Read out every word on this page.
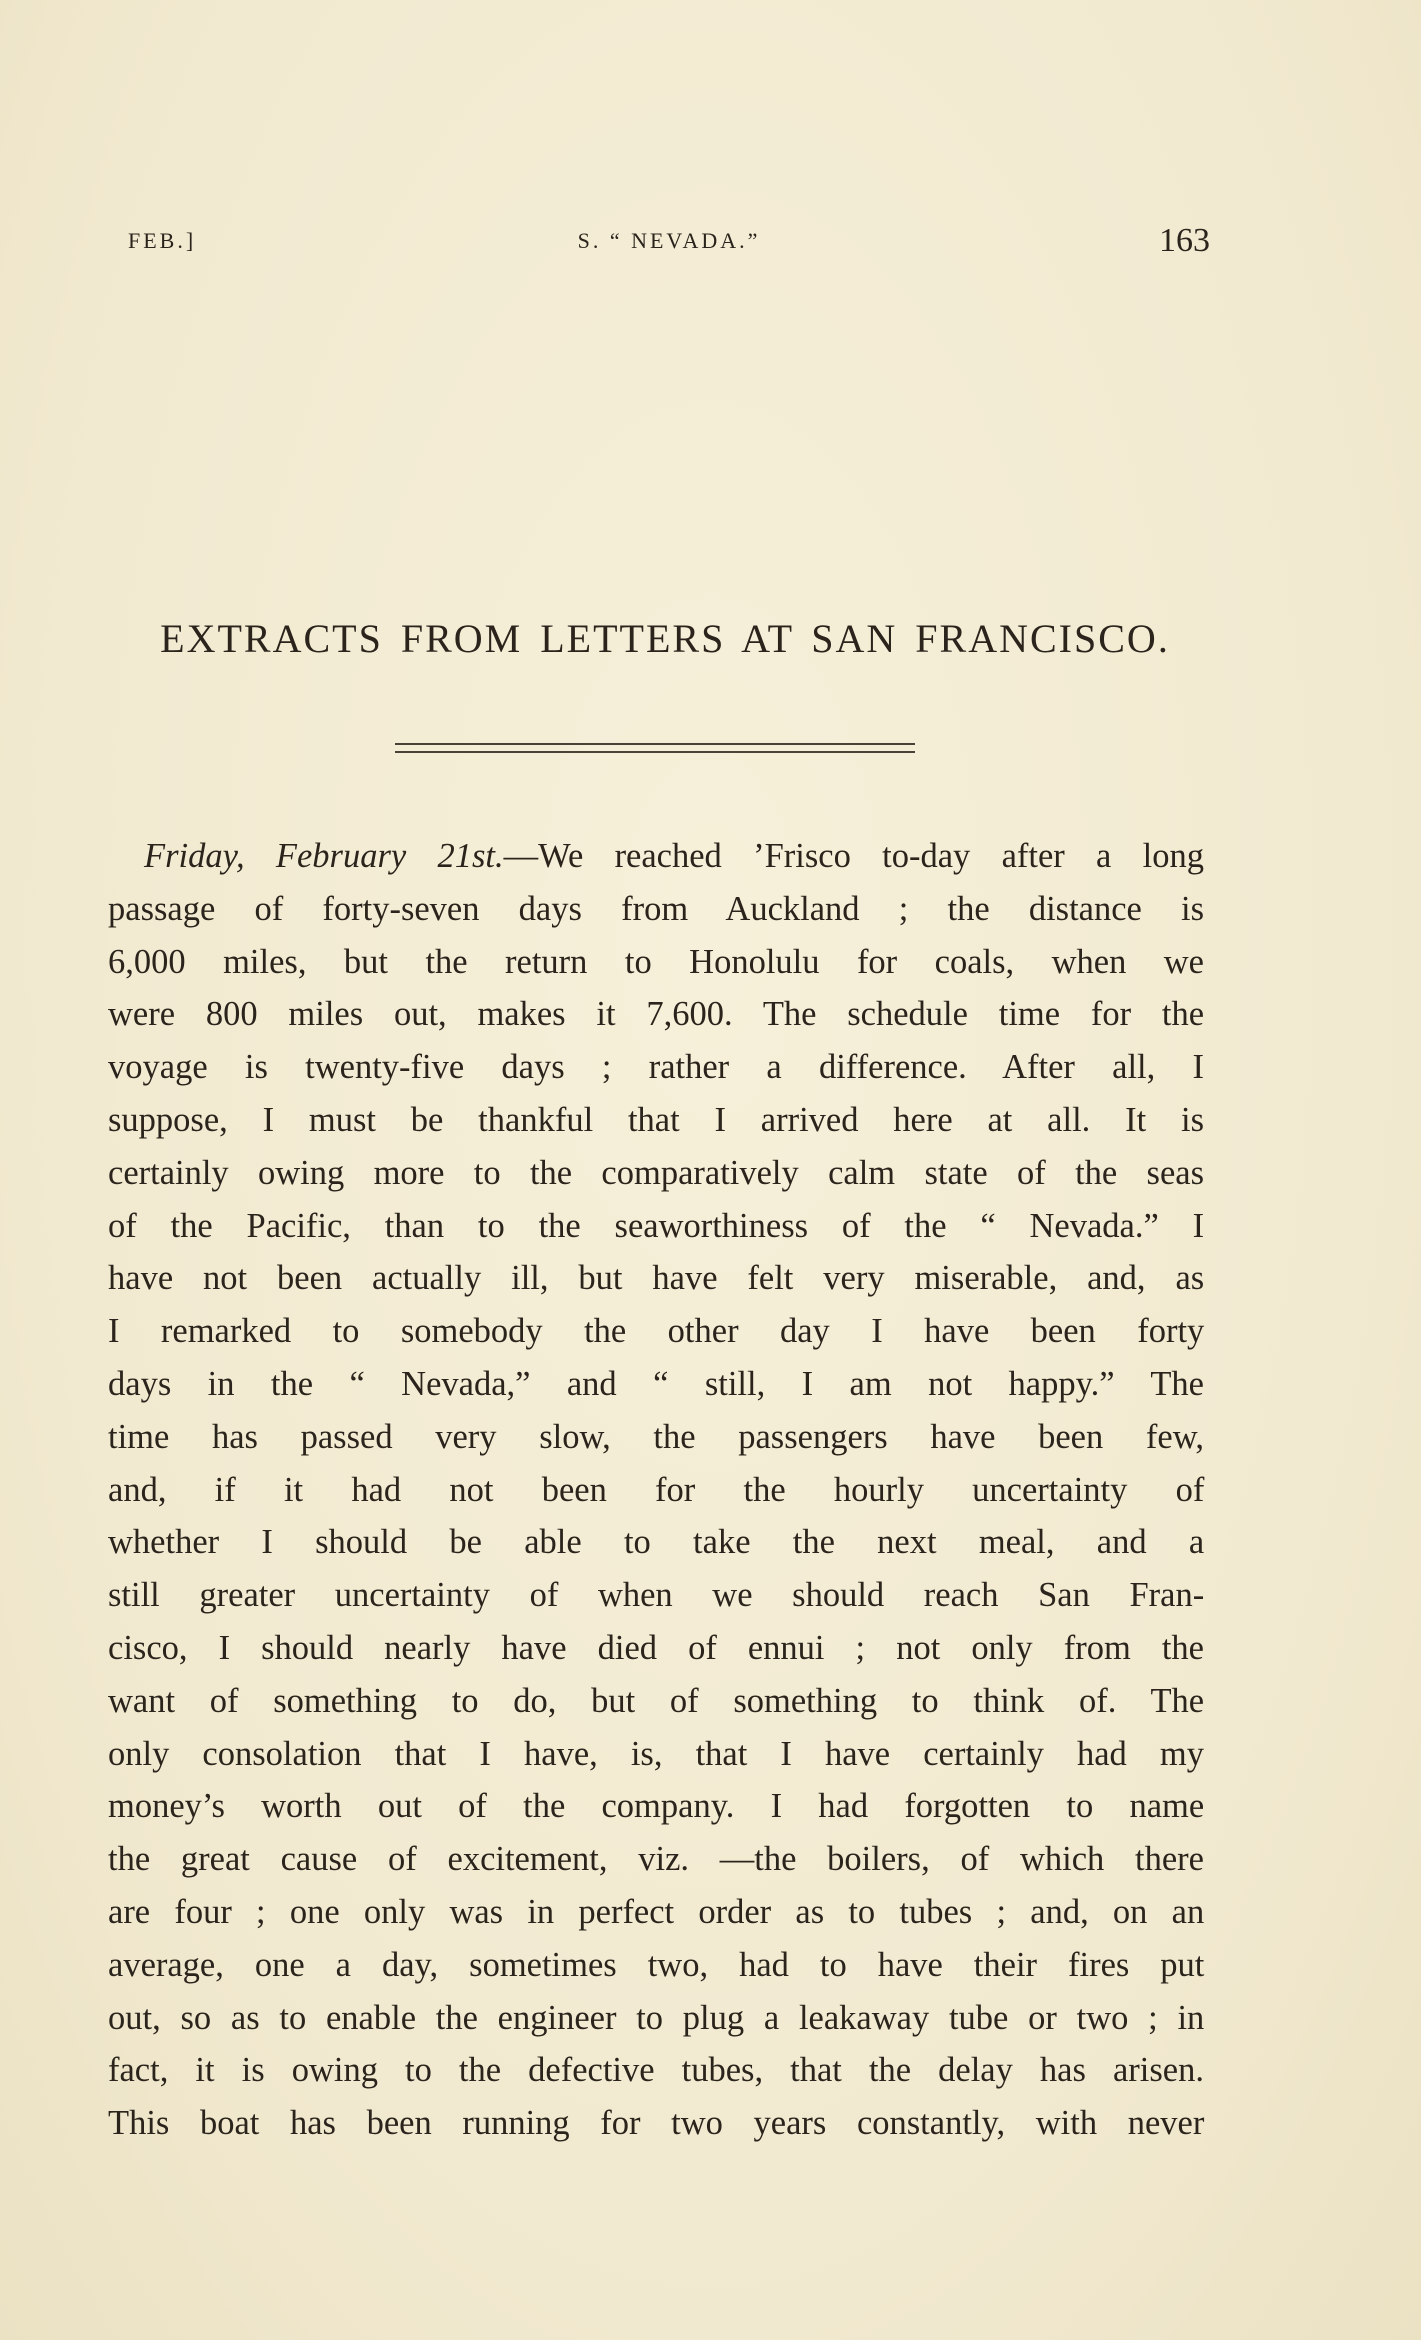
FEB.]	S. “ NEVADA.”	163
EXTRACTS FROM LETTERS AT SAN FRANCISCO.
Friday, February 21st.—We reached ’Frisco to-day after a long
passage of forty-seven days from Auckland ; the distance is
6,000 miles, but the return to Honolulu for coals, when we
were 800 miles out, makes it 7,600. The schedule time for the
voyage is twenty-five days ; rather a difference. After all, I
suppose, I must be thankful that I arrived here at all. It is
certainly owing more to the comparatively calm state of the seas
of the Pacific, than to the seaworthiness of the “ Nevada.” I
have not been actually ill, but have felt very miserable, and, as
I remarked to somebody the other day I have been forty
days in the “ Nevada,” and “ still, I am not happy.” The
time has passed very slow, the passengers have been few,
and, if it had not been for the hourly uncertainty of
whether I should be able to take the next meal, and a
still greater uncertainty of when we should reach San Fran-
cisco, I should nearly have died of ennui ; not only from the
want of something to do, but of something to think of. The
only consolation that I have, is, that I have certainly had my
money’s worth out of the company. I had forgotten to name
the great cause of excitement, viz. —the boilers, of which there
are four ; one only was in perfect order as to tubes ; and, on an
average, one a day, sometimes two, had to have their fires put
out, so as to enable the engineer to plug a leakaway tube or two ; in
fact, it is owing to the defective tubes, that the delay has arisen.
This boat has been running for two years constantly, with never
